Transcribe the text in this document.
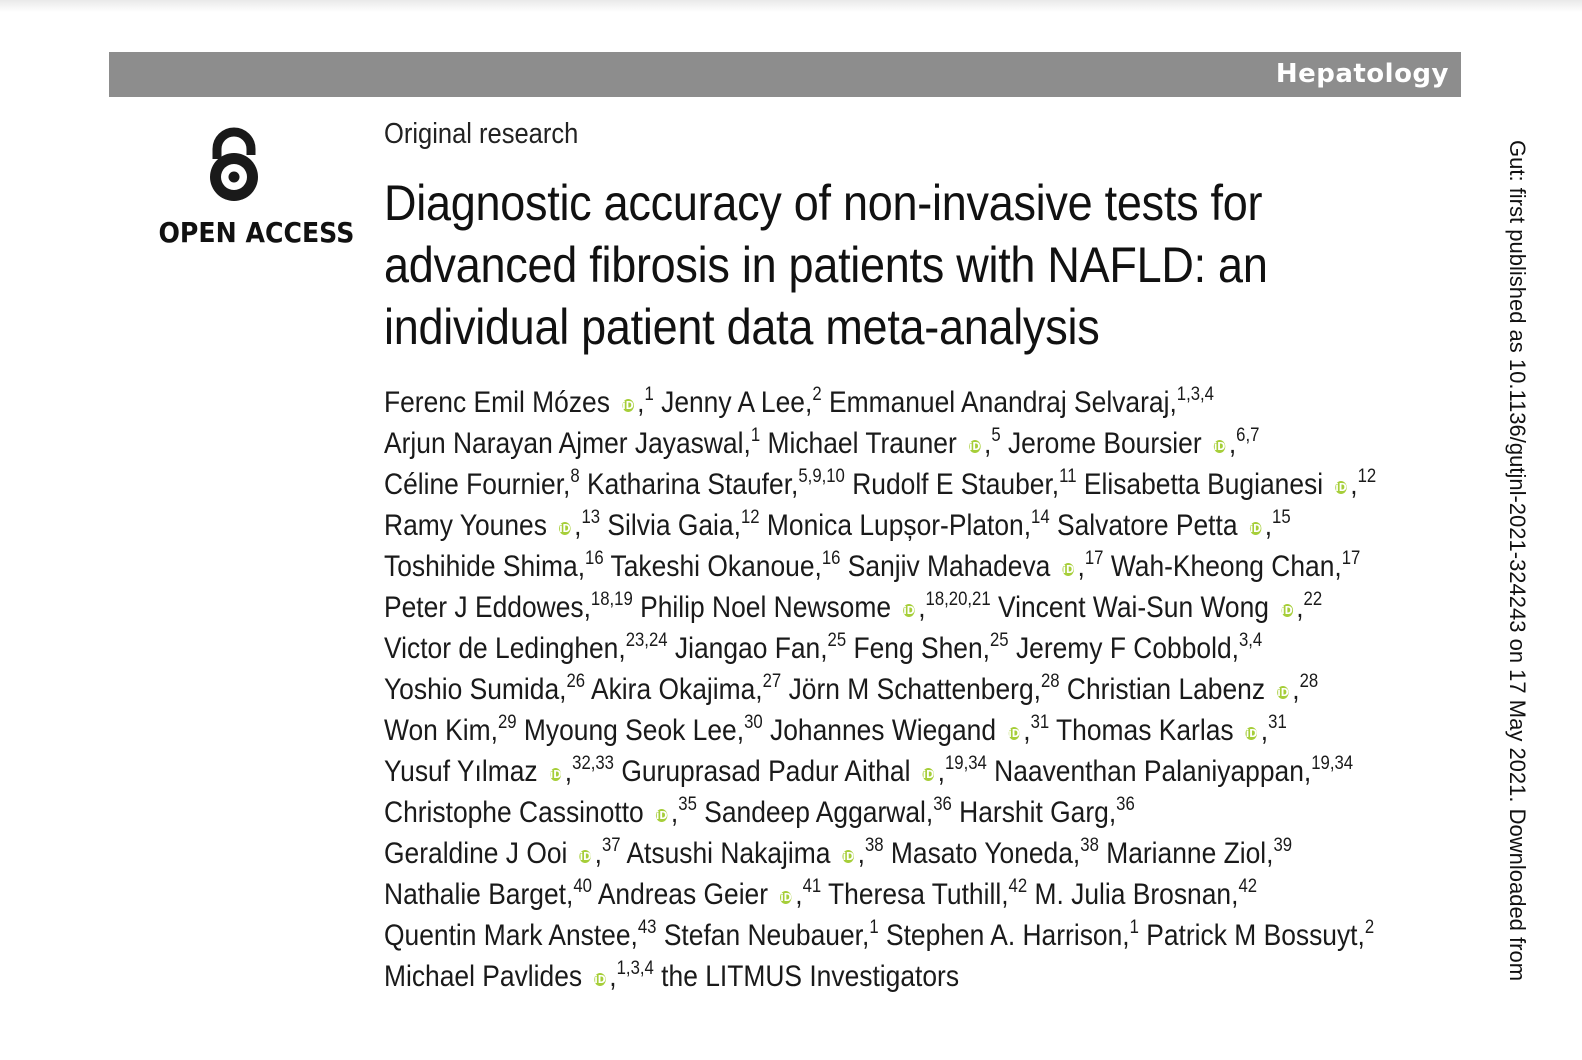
Hepatology
OPEN ACCESS
Original research
Diagnostic accuracy of non-invasive tests for
advanced fibrosis in patients with NAFLD: an
individual patient data meta-analysis
Ferenc Emil Mózes iD ,$^1$ Jenny A Lee,$^2$ Emmanuel Anandraj Selvaraj,$^{1,3,4}$
Arjun Narayan Ajmer Jayaswal,$^1$ Michael Trauner iD ,$^5$ Jerome Boursier iD ,$^{6,7}$
Céline Fournier,$^8$ Katharina Staufer,$^{5,9,10}$ Rudolf E Stauber,$^{11}$ Elisabetta Bugianesi iD ,$^{12}$
Ramy Younes iD ,$^{13}$ Silvia Gaia,$^{12}$ Monica Lupșor-Platon,$^{14}$ Salvatore Petta iD ,$^{15}$
Toshihide Shima,$^{16}$ Takeshi Okanoue,$^{16}$ Sanjiv Mahadeva iD ,$^{17}$ Wah-Kheong Chan,$^{17}$
Peter J Eddowes,$^{18,19}$ Philip Noel Newsome iD ,$^{18,20,21}$ Vincent Wai-Sun Wong iD ,$^{22}$
Victor de Ledinghen,$^{23,24}$ Jiangao Fan,$^{25}$ Feng Shen,$^{25}$ Jeremy F Cobbold,$^{3,4}$
Yoshio Sumida,$^{26}$ Akira Okajima,$^{27}$ Jörn M Schattenberg,$^{28}$ Christian Labenz iD ,$^{28}$
Won Kim,$^{29}$ Myoung Seok Lee,$^{30}$ Johannes Wiegand iD ,$^{31}$ Thomas Karlas iD ,$^{31}$
Yusuf Yılmaz iD ,$^{32,33}$ Guruprasad Padur Aithal iD ,$^{19,34}$ Naaventhan Palaniyappan,$^{19,34}$
Christophe Cassinotto iD ,$^{35}$ Sandeep Aggarwal,$^{36}$ Harshit Garg,$^{36}$
Geraldine J Ooi iD ,$^{37}$ Atsushi Nakajima iD ,$^{38}$ Masato Yoneda,$^{38}$ Marianne Ziol,$^{39}$
Nathalie Barget,$^{40}$ Andreas Geier iD ,$^{41}$ Theresa Tuthill,$^{42}$ M. Julia Brosnan,$^{42}$
Quentin Mark Anstee,$^{43}$ Stefan Neubauer,$^1$ Stephen A. Harrison,$^1$ Patrick M Bossuyt,$^2$
Michael Pavlides iD ,$^{1,3,4}$ the LITMUS Investigators	Gut: first published as 10.1136/gutjnl-2021-324243 on 17 May 2021. Downloaded from
